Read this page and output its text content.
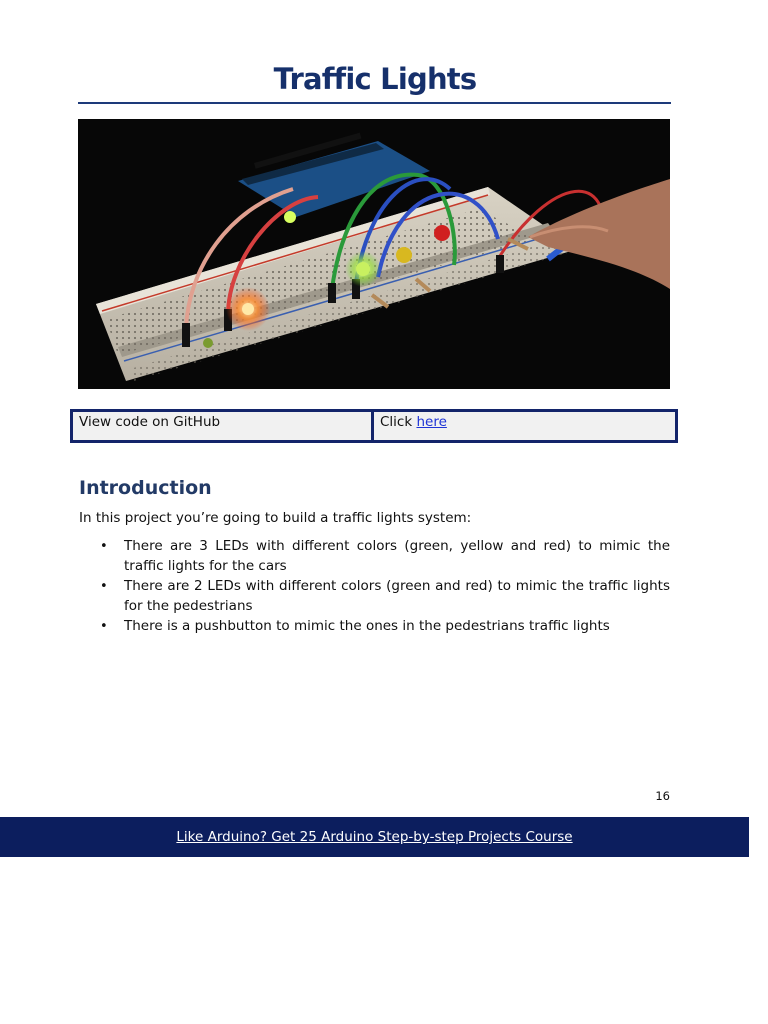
Traffic Lights
View code on GitHub	Click here
Introduction

In this project you’re going to build a traffic lights system:

• There are 3 LEDs with different colors (green, yellow and red) to mimic the traffic lights for the cars
• There are 2 LEDs with different colors (green and red) to mimic the traffic lights for the pedestrians
• There is a pushbutton to mimic the ones in the pedestrians traffic lights
16
Like Arduino? Get 25 Arduino Step-by-step Projects Course
